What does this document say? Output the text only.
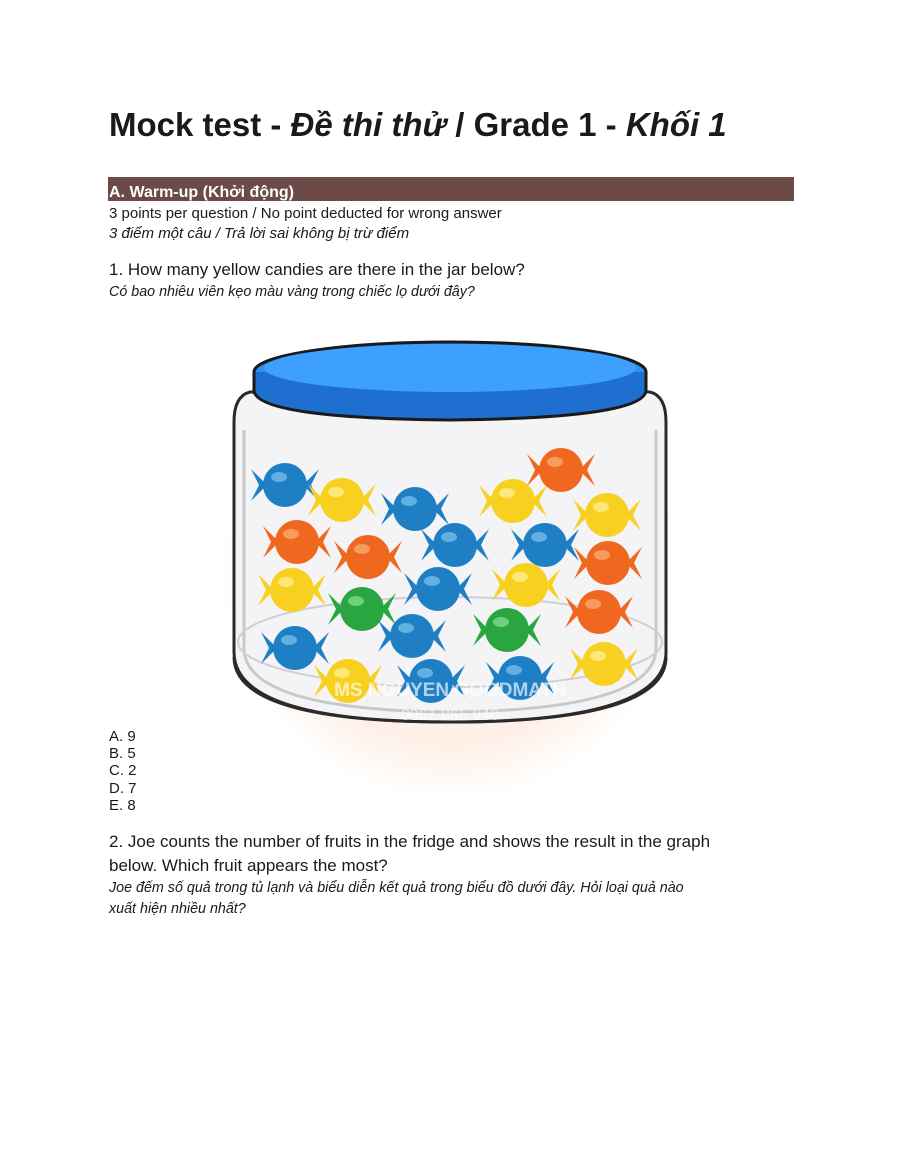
Mock test - Đề thi thử / Grade 1 - Khối 1
A. Warm-up (Khởi động)
3 points per question / No point deducted for wrong answer
3 điểm một câu / Trả lời sai không bị trừ điểm
1. How many yellow candies are there in the jar below?
Có bao nhiêu viên kẹo màu vàng trong chiếc lọ dưới đây?
MS NGUYEN GOODMATH
0961 865 946
A. 9
B. 5
C. 2
D. 7
E. 8
2. Joe counts the number of fruits in the fridge and shows the result in the graph
below. Which fruit appears the most?
Joe đếm số quả trong tủ lạnh và biểu diễn kết quả trong biểu đồ dưới đây. Hỏi loại quả nào
xuất hiện nhiều nhất?
